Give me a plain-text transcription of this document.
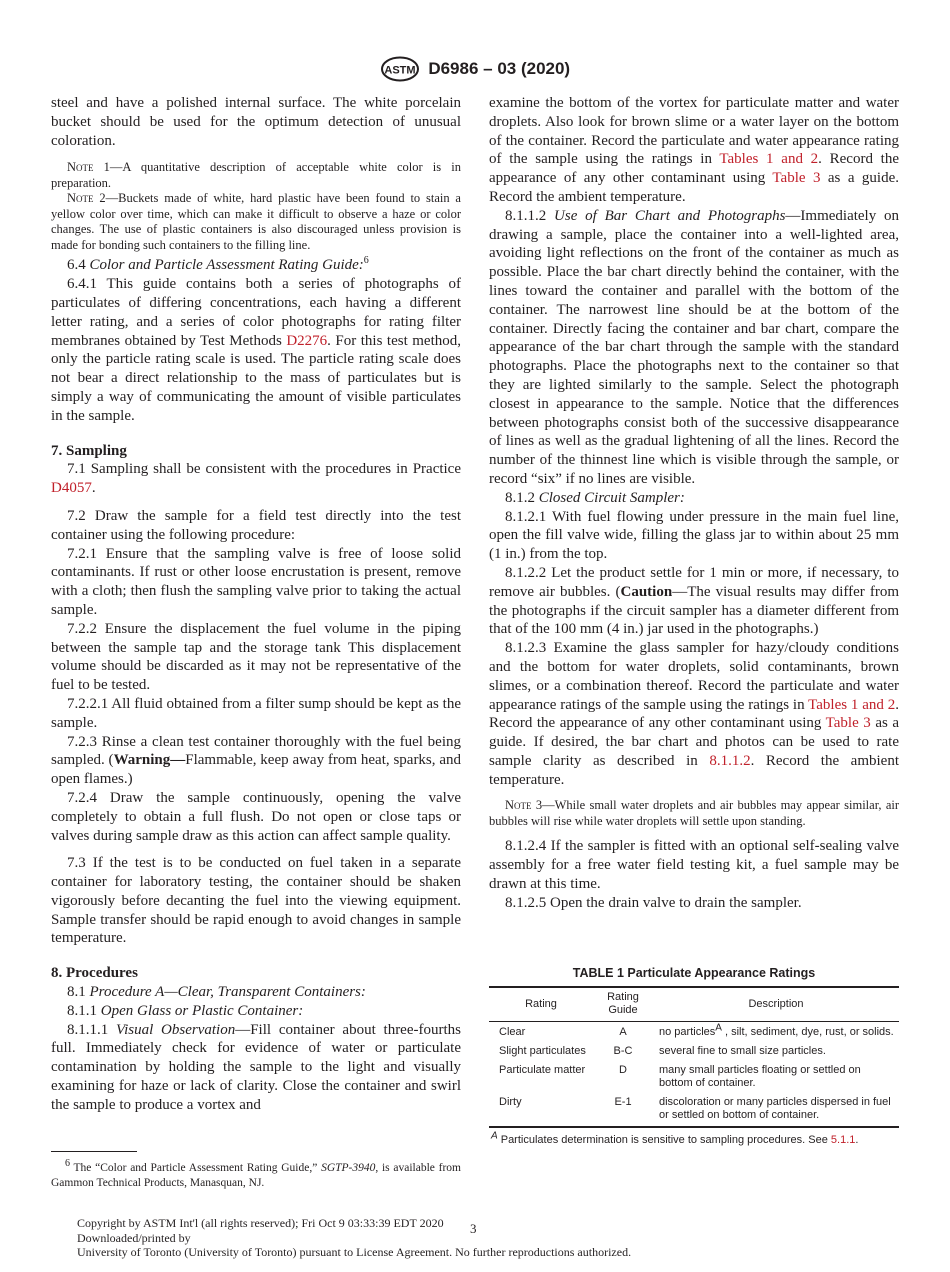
ASTM D6986 – 03 (2020)

steel and have a polished internal surface. The white porcelain bucket should be used for the optimum detection of unusual coloration.

Note 1—A quantitative description of acceptable white color is in preparation.

Note 2—Buckets made of white, hard plastic have been found to stain a yellow color over time, which can make it difficult to observe a haze or color changes. The use of plastic containers is also discouraged unless provision is made for bonding such containers to the filling line.

6.4 Color and Particle Assessment Rating Guide:$^6$

6.4.1 This guide contains both a series of photographs of particulates of differing concentrations, each having a different letter rating, and a series of color photographs for rating filter membranes obtained by Test Methods D2276. For this test method, only the particle rating scale is used. The particle rating scale does not bear a direct relationship to the mass of particulates but is simply a way of communicating the amount of visible particulates in the sample.

7. Sampling

7.1 Sampling shall be consistent with the procedures in Practice D4057.

7.2 Draw the sample for a field test directly into the test container using the following procedure:

7.2.1 Ensure that the sampling valve is free of loose solid contaminants. If rust or other loose encrustation is present, remove with a cloth; then flush the sampling valve prior to taking the actual sample.

7.2.2 Ensure the displacement the fuel volume in the piping between the sample tap and the storage tank This displacement volume should be discarded as it may not be representative of the fuel to be tested.

7.2.2.1 All fluid obtained from a filter sump should be kept as the sample.

7.2.3 Rinse a clean test container thoroughly with the fuel being sampled. (Warning—Flammable, keep away from heat, sparks, and open flames.)

7.2.4 Draw the sample continuously, opening the valve completely to obtain a full flush. Do not open or close taps or valves during sample draw as this action can affect sample quality.

7.3 If the test is to be conducted on fuel taken in a separate container for laboratory testing, the container should be shaken vigorously before decanting the fuel into the viewing equipment. Sample transfer should be rapid enough to avoid changes in sample temperature.

8. Procedures

8.1 Procedure A—Clear, Transparent Containers:

8.1.1 Open Glass or Plastic Container:

8.1.1.1 Visual Observation—Fill container about three-fourths full. Immediately check for evidence of water or particulate contamination by holding the sample to the light and visually examining for haze or lack of clarity. Close the container and swirl the sample to produce a vortex and

$^6$ The “Color and Particle Assessment Rating Guide,” SGTP-3940, is available from Gammon Technical Products, Manasquan, NJ.

examine the bottom of the vortex for particulate matter and water droplets. Also look for brown slime or a water layer on the bottom of the container. Record the particulate and water appearance rating of the sample using the ratings in Tables 1 and 2. Record the appearance of any other contaminant using Table 3 as a guide. Record the ambient temperature.

8.1.1.2 Use of Bar Chart and Photographs—Immediately on drawing a sample, place the container into a well-lighted area, avoiding light reflections on the front of the container as much as possible. Place the bar chart directly behind the container, with the lines toward the container and parallel with the bottom of the container. The narrowest line should be at the bottom of the container. Directly facing the container and bar chart, compare the appearance of the bar chart through the sample with the standard photographs. Place the photographs next to the container so that they are lighted similarly to the sample. Select the photograph closest in appearance to the sample. Notice that the differences between photographs consist both of the successive disappearance of lines as well as the gradual lightening of all the lines. Record the number of the thinnest line which is visible through the sample, or record “six” if no lines are visible.

8.1.2 Closed Circuit Sampler:

8.1.2.1 With fuel flowing under pressure in the main fuel line, open the fill valve wide, filling the glass jar to within about 25 mm (1 in.) from the top.

8.1.2.2 Let the product settle for 1 min or more, if necessary, to remove air bubbles. (Caution—The visual results may differ from the photographs if the circuit sampler has a diameter different from that of the 100 mm (4 in.) jar used in the photographs.)

8.1.2.3 Examine the glass sampler for hazy/cloudy conditions and the bottom for water droplets, solid contaminants, brown slimes, or a combination thereof. Record the particulate and water appearance ratings of the sample using the ratings in Tables 1 and 2. Record the appearance of any other contaminant using Table 3 as a guide. If desired, the bar chart and photos can be used to rate sample clarity as described in 8.1.1.2. Record the ambient temperature.

Note 3—While small water droplets and air bubbles may appear similar, air bubbles will rise while water droplets will settle upon standing.

8.1.2.4 If the sampler is fitted with an optional self-sealing valve assembly for a free water field testing kit, a fuel sample may be drawn at this time.

8.1.2.5 Open the drain valve to drain the sampler.

TABLE 1 Particulate Appearance Ratings
Rating	Rating Guide	Description
Clear	A	no particles$^A$ , silt, sediment, dye, rust, or solids.
Slight particulates	B-C	several fine to small size particles.
Particulate matter	D	many small particles floating or settled on bottom of container.
Dirty	E-1	discoloration or many particles dispersed in fuel or settled on bottom of container.
$^A$ Particulates determination is sensitive to sampling procedures. See 5.1.1.
Copyright by ASTM Int'l (all rights reserved); Fri Oct 9 03:33:39 EDT 2020
Downloaded/printed by
University of Toronto (University of Toronto) pursuant to License Agreement. No further reproductions authorized.
3
